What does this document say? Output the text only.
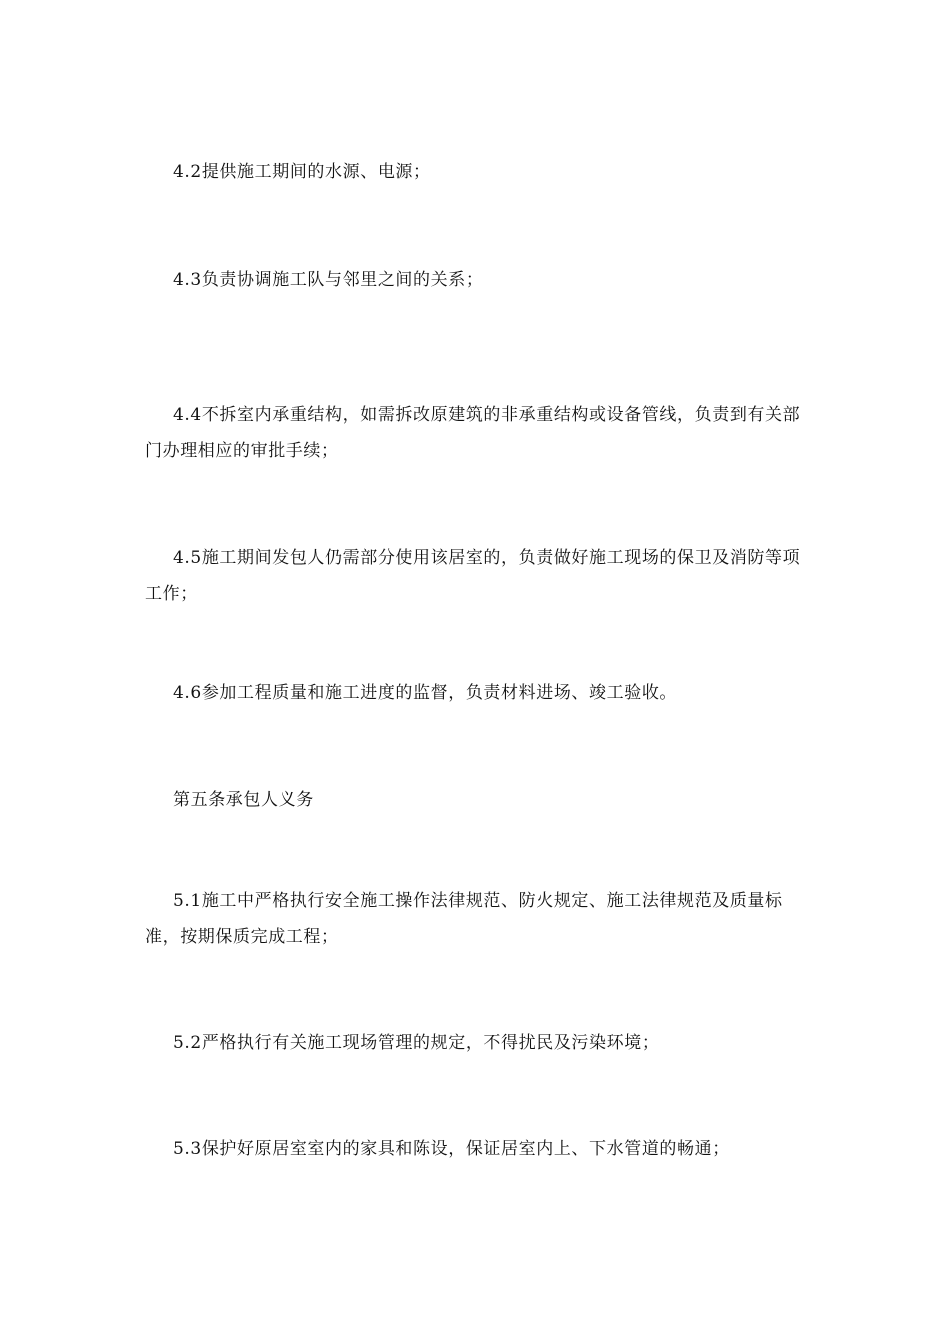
4.2提供施工期间的水源、电源；

4.3负责协调施工队与邻里之间的关系；

4.4不拆室内承重结构，如需拆改原建筑的非承重结构或设备管线，负责到有关部门办理相应的审批手续；

4.5施工期间发包人仍需部分使用该居室的，负责做好施工现场的保卫及消防等项工作；

4.6参加工程质量和施工进度的监督，负责材料进场、竣工验收。

第五条承包人义务

5.1施工中严格执行安全施工操作法律规范、防火规定、施工法律规范及质量标准，按期保质完成工程；

5.2严格执行有关施工现场管理的规定，不得扰民及污染环境；

5.3保护好原居室室内的家具和陈设，保证居室内上、下水管道的畅通；
